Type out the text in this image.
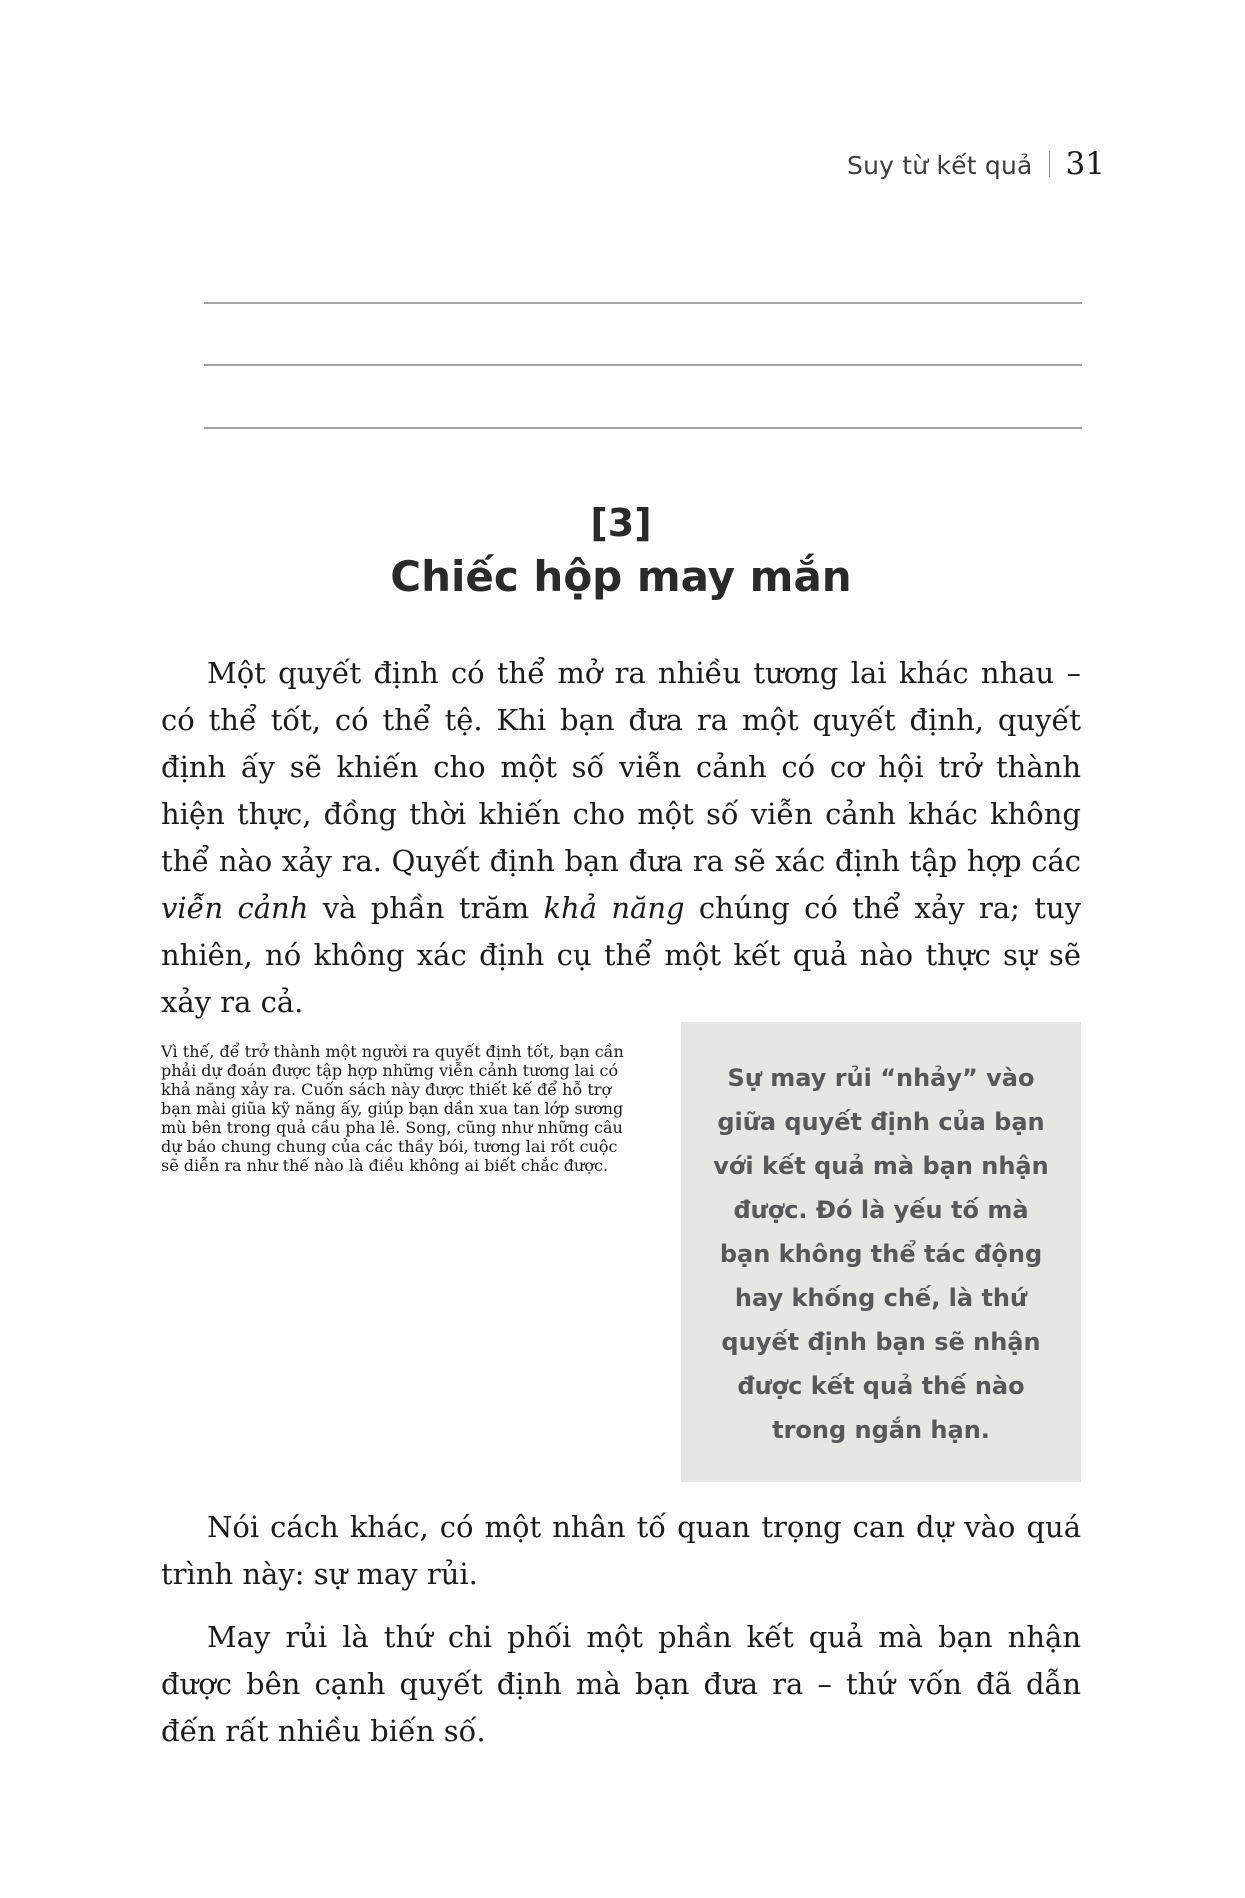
Suy từ kết quả 31
[3]
Chiếc hộp may mắn

Một quyết định có thể mở ra nhiều tương lai khác nhau – có thể tốt, có thể tệ. Khi bạn đưa ra một quyết định, quyết định ấy sẽ khiến cho một số viễn cảnh có cơ hội trở thành hiện thực, đồng thời khiến cho một số viễn cảnh khác không thể nào xảy ra. Quyết định bạn đưa ra sẽ xác định tập hợp các viễn cảnh và phần trăm khả năng chúng có thể xảy ra; tuy nhiên, nó không xác định cụ thể một kết quả nào thực sự sẽ xảy ra cả.

Sự may rủi “nhảy” vào giữa quyết định của bạn với kết quả mà bạn nhận được. Đó là yếu tố mà bạn không thể tác động hay khống chế, là thứ quyết định bạn sẽ nhận được kết quả thế nào trong ngắn hạn.
Vì thế, để trở thành một người ra quyết định tốt, bạn cần phải dự đoán được tập hợp những viễn cảnh tương lai có khả năng xảy ra. Cuốn sách này được thiết kế để hỗ trợ bạn mài giũa kỹ năng ấy, giúp bạn dần xua tan lớp sương mù bên trong quả cầu pha lê. Song, cũng như những câu dự báo chung chung của các thầy bói, tương lai rốt cuộc sẽ diễn ra như thế nào là điều không ai biết chắc được.

Nói cách khác, có một nhân tố quan trọng can dự vào quá trình này: sự may rủi.

May rủi là thứ chi phối một phần kết quả mà bạn nhận được bên cạnh quyết định mà bạn đưa ra – thứ vốn đã dẫn đến rất nhiều biến số.
